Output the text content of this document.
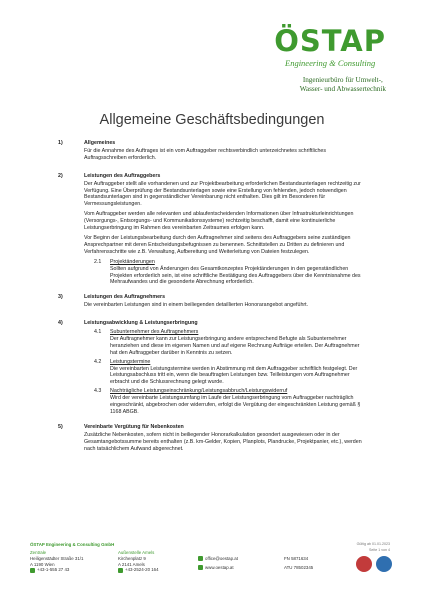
ÖSTAP
Engineering & Consulting
Ingenieurbüro für Umwelt-,
Wasser- und Abwassertechnik
Allgemeine Geschäftsbedingungen
1)	Allgemeines

Für die Annahme des Auftrages ist ein vom Auftraggeber rechtsverbindlich unterzeichnetes schriftliches Auftragsschreiben erforderlich.

2)	Leistungen des Auftraggebers

Der Auftraggeber stellt alle vorhandenen und zur Projektbearbeitung erforderlichen Bestandsunterlagen rechtzeitig zur Verfügung. Eine Überprüfung der Bestandsunterlagen sowie eine Erstellung von fehlenden, jedoch notwendigen Bestandsunterlagen sind in gegenständlicher Vereinbarung nicht enthalten. Dies gilt im Besonderen für Vermessungsleistungen.

Vom Auftraggeber werden alle relevanten und ablaufentscheidenden Informationen über Infrastrukturleinrichtungen (Versorgungs-, Entsorgungs- und Kommunikationssysteme) rechtzeitig beschafft, damit eine kontinuierliche Leistungserbringung im Rahmen des vereinbarten Zeitraumes erfolgen kann.

Vor Beginn der Leistungsbearbeitung durch den Auftragnehmer sind seitens des Auftraggebers seine zuständigen Ansprechpartner mit deren Entscheidungsbefugnissen zu benennen. Schnittstellen zu Dritten zu definieren und Verfahrensschritte wie z.B. Verwaltung, Aufbereitung und Weiterleitung von Dateien festzulegen.

2.1	Projektänderungen
Sollten aufgrund von Änderungen des Gesamtkonzeptes Projektänderungen in den gegenständlichen Projekten erforderlich sein, ist eine schriftliche Bestätigung des Auftraggebers über die Kenntnisnahme des Mehraufwandes und die gesonderte Abrechnung erforderlich.
3)	Leistungen des Auftragnehmers

Die vereinbarten Leistungen sind in einem beiliegenden detaillierten Honorarangebot angeführt.

4)	Leistungsabwicklung & Leistungserbringung
4.1	Subunternehmer des Auftragnehmers
Der Auftragnehmer kann zur Leistungserbringung andere entsprechend Befugte als Subunternehmer heranziehen und diese im eigenen Namen und auf eigene Rechnung Aufträge erteilen. Der Auftragnehmer hat den Auftraggeber darüber in Kenntnis zu setzen.
4.2	Leistungstermine
Die vereinbarten Leistungstermine werden in Abstimmung mit dem Auftraggeber schriftlich festgelegt. Der Leistungsabschluss tritt ein, wenn die beauftragten Leistungen bzw. Teilleistungen vom Auftragnehmer erbracht und die Schlussrechnung gelegt wurde.
4.3	Nachträgliche Leistungseinschränkung/Leistungsabbruch/Leistungswiderruf
Wird der vereinbarte Leistungsumfang im Laufe der Leistungserbringung vom Auftraggeber nachträglich eingeschränkt, abgebrochen oder widerrufen, erfolgt die Vergütung der eingeschränkten Leistung gemäß § 1168 ABGB.
5)	Vereinbarte Vergütung für Nebenkosten

Zusätzliche Nebenkosten, sofern nicht in beiliegender Honorarkalkulation gesondert ausgewiesen oder in der Gesamtangebotssumme bereits enthalten (z.B. km-Gelder, Kopien, Planplots, Plandrucke, Projektpanier, etc.), werden nach tatsächlichem Aufwand abgerechnet.

ÖSTAP Engineering & Consulting GmbH
Zentrale
Heiligenstädter Straße 31/1
A 1190 Wien
+43-1-555 27 43
Außenstelle Amels
Kirchenplatz 9
A 2141 Amels
+43-2524-20 164
office@oestap.at
www.oestap.at
FN 5871634
ATU 78502345
Gültig ab 01.01.2023
Seite 1 von 4
